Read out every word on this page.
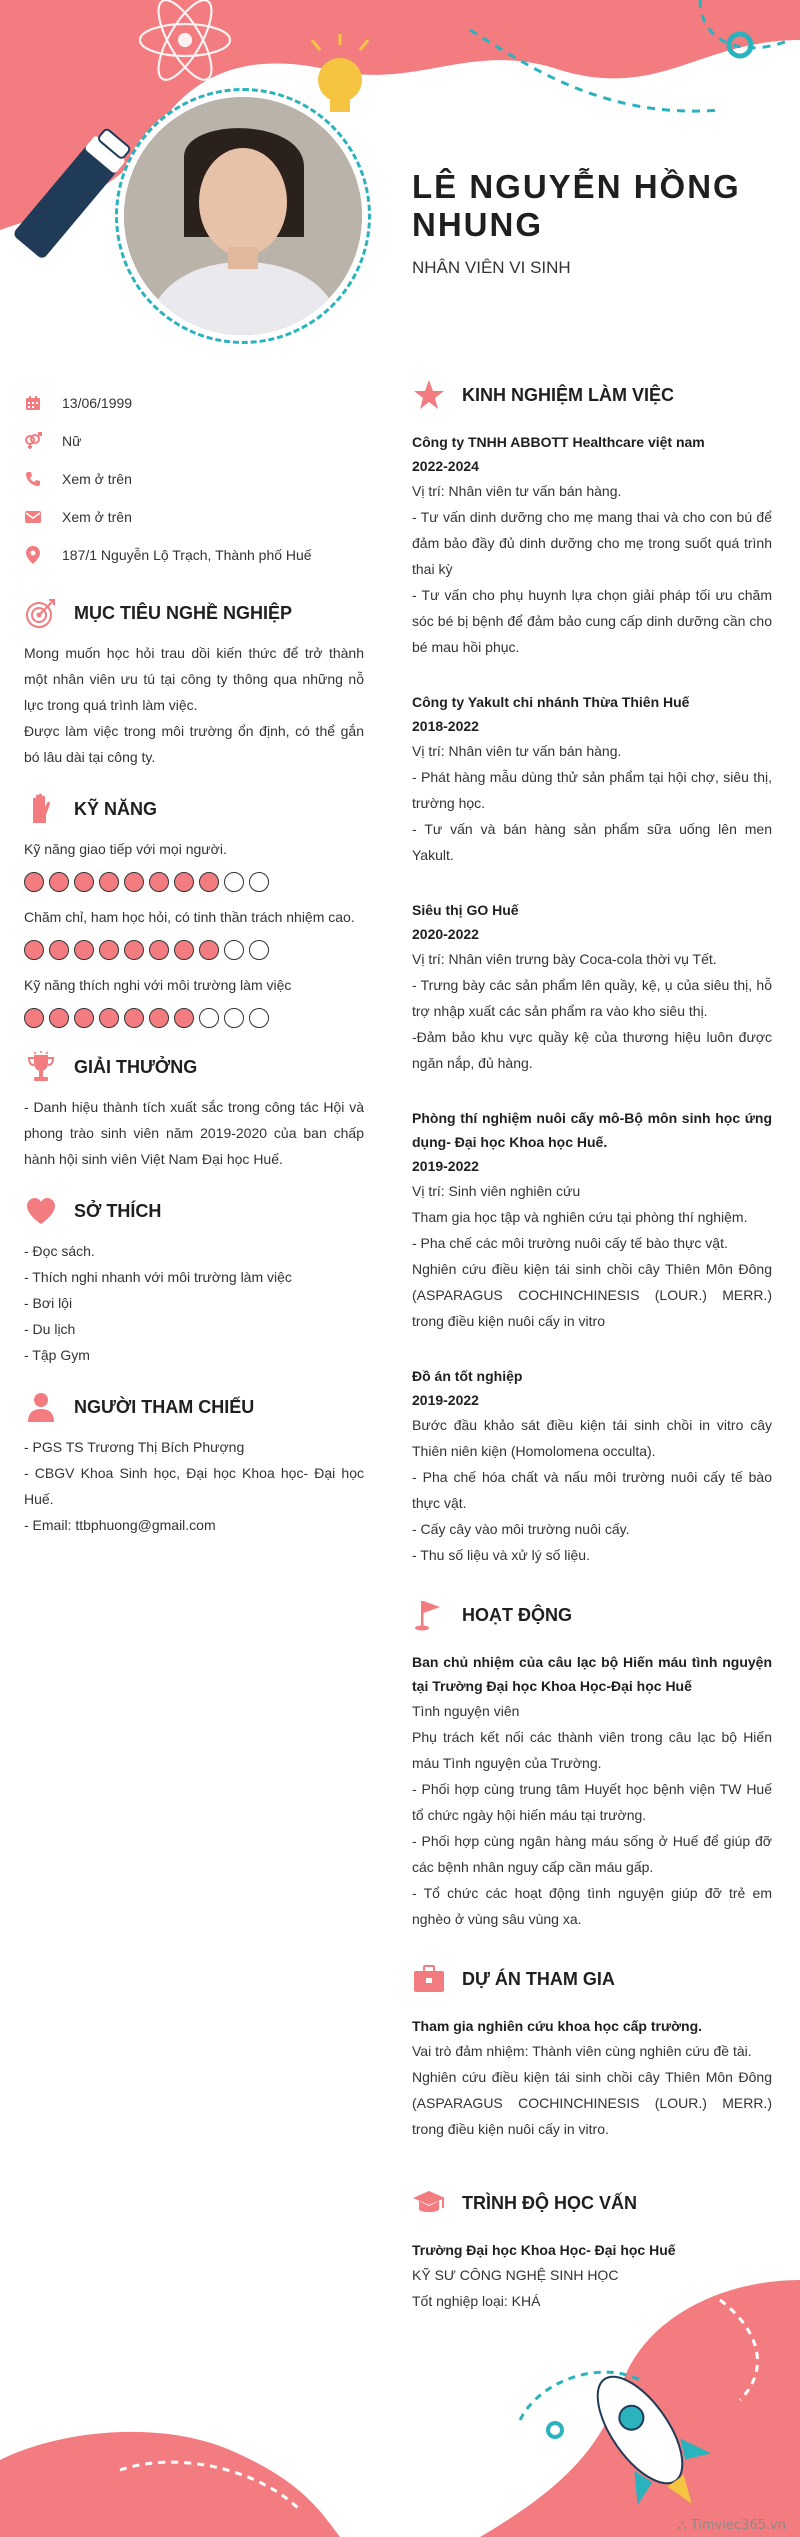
LÊ NGUYỄN HỒNG NHUNG
NHÂN VIÊN VI SINH
13/06/1999
Nữ
Xem ở trên
Xem ở trên
187/1 Nguyễn Lộ Trạch, Thành phố Huế
MỤC TIÊU NGHỀ NGHIỆP
Mong muốn học hỏi trau dồi kiến thức để trở thành một nhân viên ưu tú tại công ty thông qua những nỗ lực trong quá trình làm việc.
Được làm việc trong môi trường ổn định, có thể gắn bó lâu dài tại công ty.
KỸ NĂNG
Kỹ năng giao tiếp với mọi người.
Chăm chỉ, ham học hỏi, có tinh thần trách nhiệm cao.
Kỹ năng thích nghi với môi trường làm việc
GIẢI THƯỞNG
- Danh hiệu thành tích xuất sắc trong công tác Hội và phong trào sinh viên năm 2019-2020 của ban chấp hành hội sinh viên Việt Nam Đại học Huế.
SỞ THÍCH
- Đọc sách.
- Thích nghi nhanh với môi trường làm việc
- Bơi lội
- Du lịch
- Tập Gym
NGƯỜI THAM CHIẾU
- PGS TS Trương Thị Bích Phượng
- CBGV Khoa Sinh học, Đại học Khoa học- Đại học Huế.
- Email: ttbphuong@gmail.com
KINH NGHIỆM LÀM VIỆC
Công ty TNHH ABBOTT Healthcare việt nam
2022-2024
Vị trí: Nhân viên tư vấn bán hàng.
- Tư vấn dinh dưỡng cho mẹ mang thai và cho con bú để đảm bảo đầy đủ dinh dưỡng cho mẹ trong suốt quá trình thai kỳ
- Tư vấn cho phụ huynh lựa chọn giải pháp tối ưu chăm sóc bé bị bệnh để đảm bảo cung cấp dinh dưỡng cần cho bé mau hồi phục.
Công ty Yakult chi nhánh Thừa Thiên Huế
2018-2022
Vị trí: Nhân viên tư vấn bán hàng.
- Phát hàng mẫu dùng thử sản phẩm tại hội chợ, siêu thị, trường học.
- Tư vấn và bán hàng sản phẩm sữa uống lên men Yakult.
Siêu thị GO Huế
2020-2022
Vị trí: Nhân viên trưng bày Coca-cola thời vụ Tết.
- Trưng bày các sản phẩm lên quầy, kệ, ụ của siêu thị, hỗ trợ nhập xuất các sản phẩm ra vào kho siêu thị.
-Đảm bảo khu vực quầy kệ của thương hiệu luôn được ngăn nắp, đủ hàng.
Phòng thí nghiệm nuôi cấy mô-Bộ môn sinh học ứng dụng- Đại học Khoa học Huế.
2019-2022
Vị trí: Sinh viên nghiên cứu
Tham gia học tập và nghiên cứu tại phòng thí nghiệm.
- Pha chế các môi trường nuôi cấy tế bào thực vật.
Nghiên cứu điều kiện tái sinh chồi cây Thiên Môn Đông (ASPARAGUS COCHINCHINESIS (LOUR.) MERR.) trong điều kiện nuôi cấy in vitro
Đồ án tốt nghiệp
2019-2022
Bước đầu khảo sát điều kiện tái sinh chồi in vitro cây Thiên niên kiện (Homolomena occulta).
- Pha chế hóa chất và nấu môi trường nuôi cấy tế bào thực vật.
- Cấy cây vào môi trường nuôi cấy.
- Thu số liệu và xử lý số liệu.
HOẠT ĐỘNG
Ban chủ nhiệm của câu lạc bộ Hiến máu tình nguyện tại Trường Đại học Khoa Học-Đại học Huế
Tình nguyện viên
Phụ trách kết nối các thành viên trong câu lạc bộ Hiến máu Tình nguyện của Trường.
- Phối hợp cùng trung tâm Huyết học bệnh viện TW Huế tổ chức ngày hội hiến máu tại trường.
- Phối hợp cùng ngân hàng máu sống ở Huế để giúp đỡ các bệnh nhân nguy cấp cần máu gấp.
- Tổ chức các hoạt động tình nguyện giúp đỡ trẻ em nghèo ở vùng sâu vùng xa.
DỰ ÁN THAM GIA
Tham gia nghiên cứu khoa học cấp trường.
Vai trò đảm nhiệm: Thành viên cùng nghiên cứu đề tài.
Nghiên cứu điều kiện tái sinh chồi cây Thiên Môn Đông (ASPARAGUS COCHINCHINESIS (LOUR.) MERR.) trong điều kiện nuôi cấy in vitro.
TRÌNH ĐỘ HỌC VẤN
Trường Đại học Khoa Học- Đại học Huế
KỸ SƯ CÔNG NGHỆ SINH HỌC
Tốt nghiệp loại: KHÁ
⛬ Timviec365.vn
